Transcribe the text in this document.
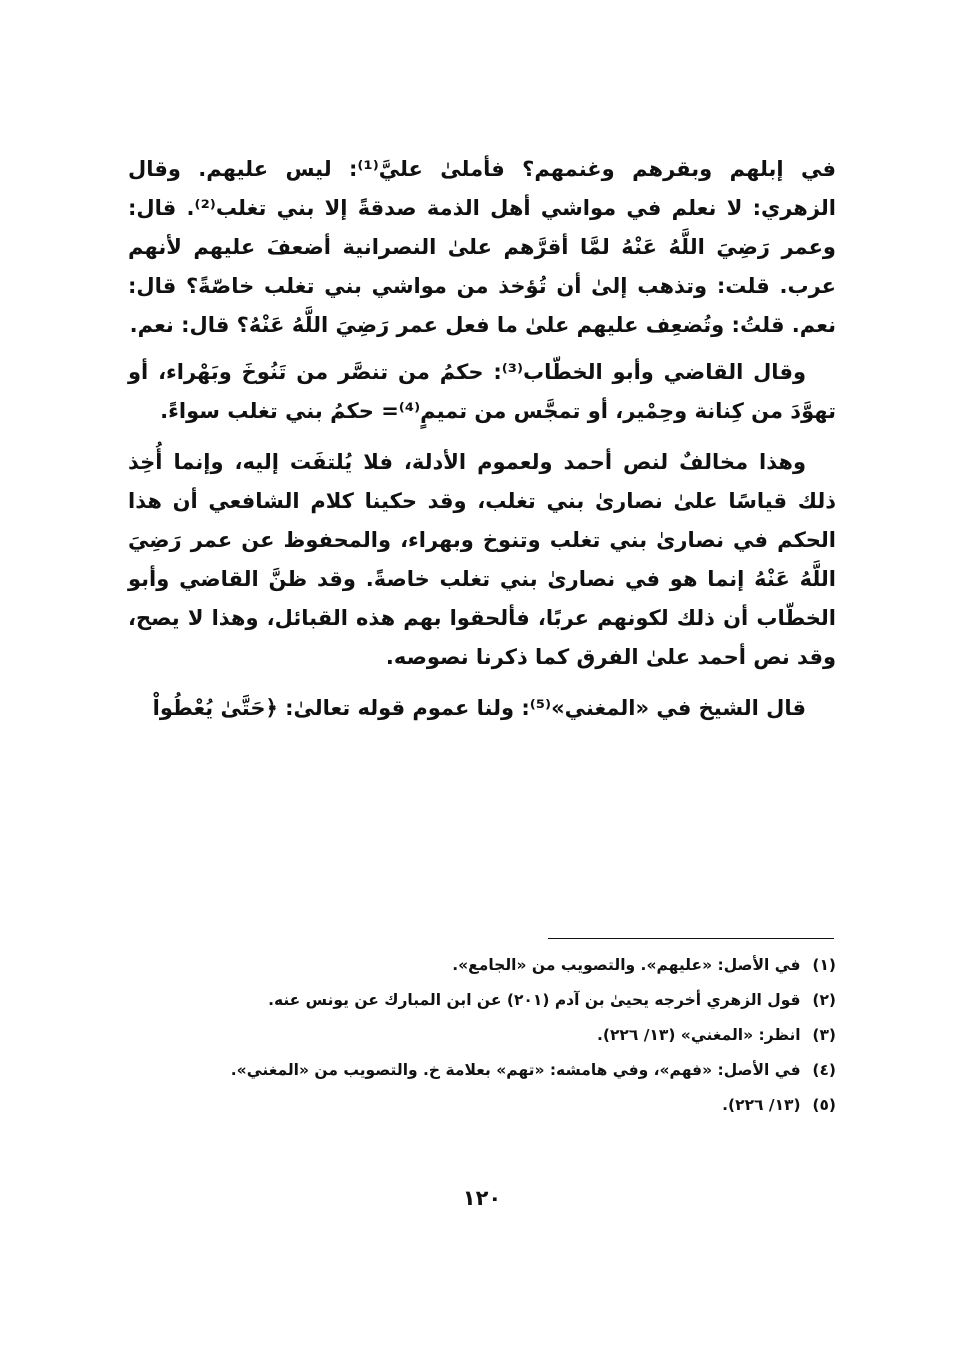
في إبلهم وبقرهم وغنمهم؟ فأملىٰ عليَّ⁽¹⁾: ليس عليهم. وقال الزهري: لا نعلم في مواشي أهل الذمة صدقةً إلا بني تغلب⁽²⁾. قال: وعمر رَضِيَ اللَّهُ عَنْهُ لمَّا أقرَّهم علىٰ النصرانية أضعفَ عليهم لأنهم عرب. قلت: وتذهب إلىٰ أن تُؤخذ من مواشي بني تغلب خاصّةً؟ قال: نعم. قلتُ: وتُضعِف عليهم علىٰ ما فعل عمر رَضِيَ اللَّهُ عَنْهُ؟ قال: نعم.

وقال القاضي وأبو الخطّاب⁽³⁾: حكمُ من تنصَّر من تَنُوخَ وبَهْراء، أو تهوَّدَ من كِنانة وحِمْير، أو تمجَّس من تميمٍ⁽⁴⁾= حكمُ بني تغلب سواءً.

وهذا مخالفٌ لنص أحمد ولعموم الأدلة، فلا يُلتفَت إليه، وإنما أُخِذ ذلك قياسًا علىٰ نصارىٰ بني تغلب، وقد حكينا كلام الشافعي أن هذا الحكم في نصارىٰ بني تغلب وتنوخ وبهراء، والمحفوظ عن عمر رَضِيَ اللَّهُ عَنْهُ إنما هو في نصارىٰ بني تغلب خاصةً. وقد ظنَّ القاضي وأبو الخطّاب أن ذلك لكونهم عربًا، فألحقوا بهم هذه القبائل، وهذا لا يصح، وقد نص أحمد علىٰ الفرق كما ذكرنا نصوصه.

قال الشيخ في «المغني»⁽⁵⁾: ولنا عموم قوله تعالىٰ: ﴿حَتَّىٰ يُعْطُواْ

(١) في الأصل: «عليهم». والتصويب من «الجامع».
(٢) قول الزهري أخرجه يحيىٰ بن آدم (٢٠١) عن ابن المبارك عن يونس عنه.
(٣) انظر: «المغني» (١٣/ ٢٢٦).
(٤) في الأصل: «فهم»، وفي هامشه: «تهم» بعلامة خ. والتصويب من «المغني».
(٥) (١٣/ ٢٢٦).
١٢٠
